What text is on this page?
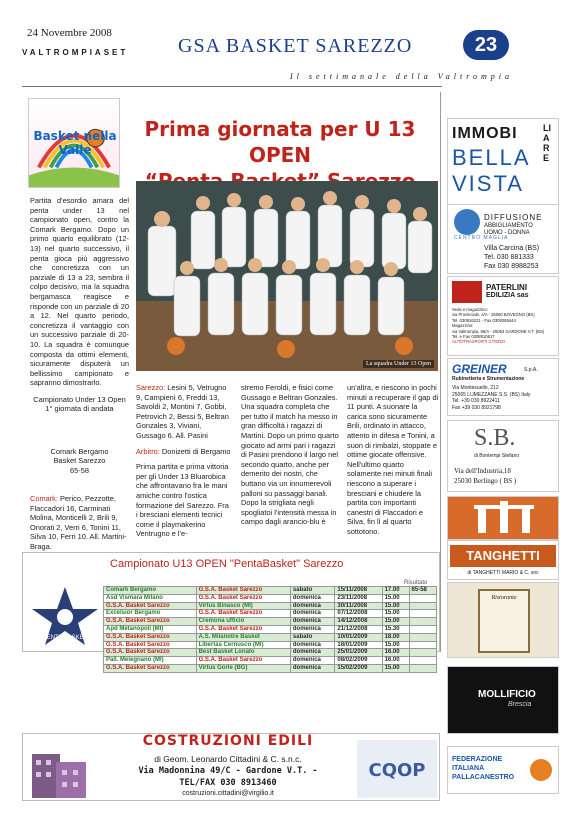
24 Novembre 2008
VALTROMPIASET GSA BASKET SAREZZO	23
Il settimanale della Valtrompia
Basket nella Valle
Prima giornata per U 13 OPEN
La squadra Under 13 Open
Partita d'esordio amara del penta under 13 nel campionato open, contro la Comark Bergamo. Dopo un primo quarto equilibrato (12-13) nel quarto successivo, il penta gioca più aggressivo che concretizza con un parziale di 13 a 23, sembra il colpo decisivo, ma la squadra bergamasca reagisce e risponde con un parziale di 20 a 12. Nel quarto periodo, concretizza il vantaggio con un successivo parziale di 20-10. La squadra è comunque composta da ottimi elementi, sicuramente disputerà un bellissimo campionato e sapranno dimostrarlo.
Campionato Under 13 Open
1° giornata di andata
Comark Bergamo
Basket Sarezzo
65-58
Comark: Perico, Pezzotte, Flaccadori 16, Carminati Molina, Monticelli 2, Brili 9, Onorati 2, Verri 6, Tonini 11, Silva 10, Ferri 10. All. Martini-Braga.
Sarezzo: Lesini 5, Vetrugno 9, Campienì 6, Freddi 13, Savoldi 2, Montini 7, Gobbi, Petrovich 2, Bessi 5, Beltran Gonzales 3, Viviani, Gussago 6. All. Pasini
Arbitro: Donizetti di Bergamo
Prima partita e prima vittoria per gli Under 13 Bluarobica che affrontavano fra le mani amiche contro l'ostica formazione del Sarezzo. Fra i bresciani elementi tecnici come il playmakerino Ventrugno e l'e-
stremo Feroldi, e fisici come Gussago e Beltran Gonzales. Una squadra completa che per tutto il match ha messo in gran difficoltà i ragazzi di Martini. Dopo un primo quarto giocato ad armi pari i ragazzi di Pasini prendono il largo nel secondo quarto, anche per demerito dei nostri, che buttano via un innumerevoli palloni su passaggi banali. Dopo la strigliata negli spogliatoi l'intensità messa in campo dagli arancio-blu è
un'altra, e riescono in pochi minuti a recuperare il gap di 11 punti. A suonare la carica sono sicuramente Brili, ordinato in attacco, attento in difesa e Tonini, a suon di rimbalzi, stoppate e ottime giocate offensive. Nell'ultimo quarto solamente nei minuti finali riescono a superare i bresciani e chiudere la partita con importanti canestri di Flaccadori e Silva, fin lì al quarto sottotono.
Campionato U13 OPEN "PentaBasket" Sarezzo
Risultato
PENTA BASKET
Comark Bergamo	G.S.A. Basket Sarezzo	sabato	15/11/2008	17.00	65-58
Asd Vismara Milano	G.S.A. Basket Sarezzo	domenica	23/11/2008	15.00	
G.S.A. Basket Sarezzo	Virtus Binasco (MI)	domenica	30/11/2008	15.00	
Excelsior Bergamo	G.S.A. Basket Sarezzo	domenica	07/12/2008	15.00	
G.S.A. Basket Sarezzo	Cremona ufficio	domenica	14/12/2008	15.00	
Apd Metanopoli (MI)	G.S.A. Basket Sarezzo	domenica	21/12/2008	15.30	
G.S.A. Basket Sarezzo	A.S. Milanotre Basket	sabato	10/01/2009	18.00	
G.S.A. Basket Sarezzo	Libertas Cernusco (MI)	domenica	18/01/2009	15.00	
G.S.A. Basket Sarezzo	Best Basket Lonato	domenica	25/01/2009	16.00	
Pall. Melegnano (MI)	G.S.A. Basket Sarezzo	domenica	08/02/2009	16.00	
G.S.A. Basket Sarezzo	Virtus Gorle (BG)	domenica	15/02/2009	15.00	
COSTRUZIONI EDILI
di Geom. Leonardo Cittadini & C. s.n.c.
Via Madonnina 49/C - Gardone V.T. -
TEL/FAX 030 8913460
costruzioni.cittadini@virgilio.it
CQOP
IMMOBI
BELLA
VISTA
LIARE
CENTRO MAGLIA
DIFFUSIONE
ABBIGLIAMENTO
UOMO - DONNA
Villa Carcina (BS)
Tel. 030 881333
Fax 030 8988253
PATERLINI
EDILIZIA sas
Sede e magazzino:
via Provinciale, 4/A - 25060 BOVEGNO (BS)
Tel. 030926221 - Fax 0309269444
Magazzino:
via Valtrompia, 96/A - 25063 GARDONE V.T. (BS)
Tel. e Fax 0308910817
AUTOTRASPORTI C/TERZI
GREINER	S.p.A.
Rubinetteria e Strumentazione
Via Montesuello, 212
25065 LUMEZZANE S.S. (BS) Italy
Tel. +39 030 8922411
Fax +39 030 8921798
S.B.
di Bontempi Stefano
Via dell'Industria,18
25030 Berlingo ( BS )
TANGHETTI
di TANGHETTI MARIO & C. snc
Ristorante
MOLLIFICIO
Brescia
FEDERAZIONE
ITALIANA
PALLACANESTRO
